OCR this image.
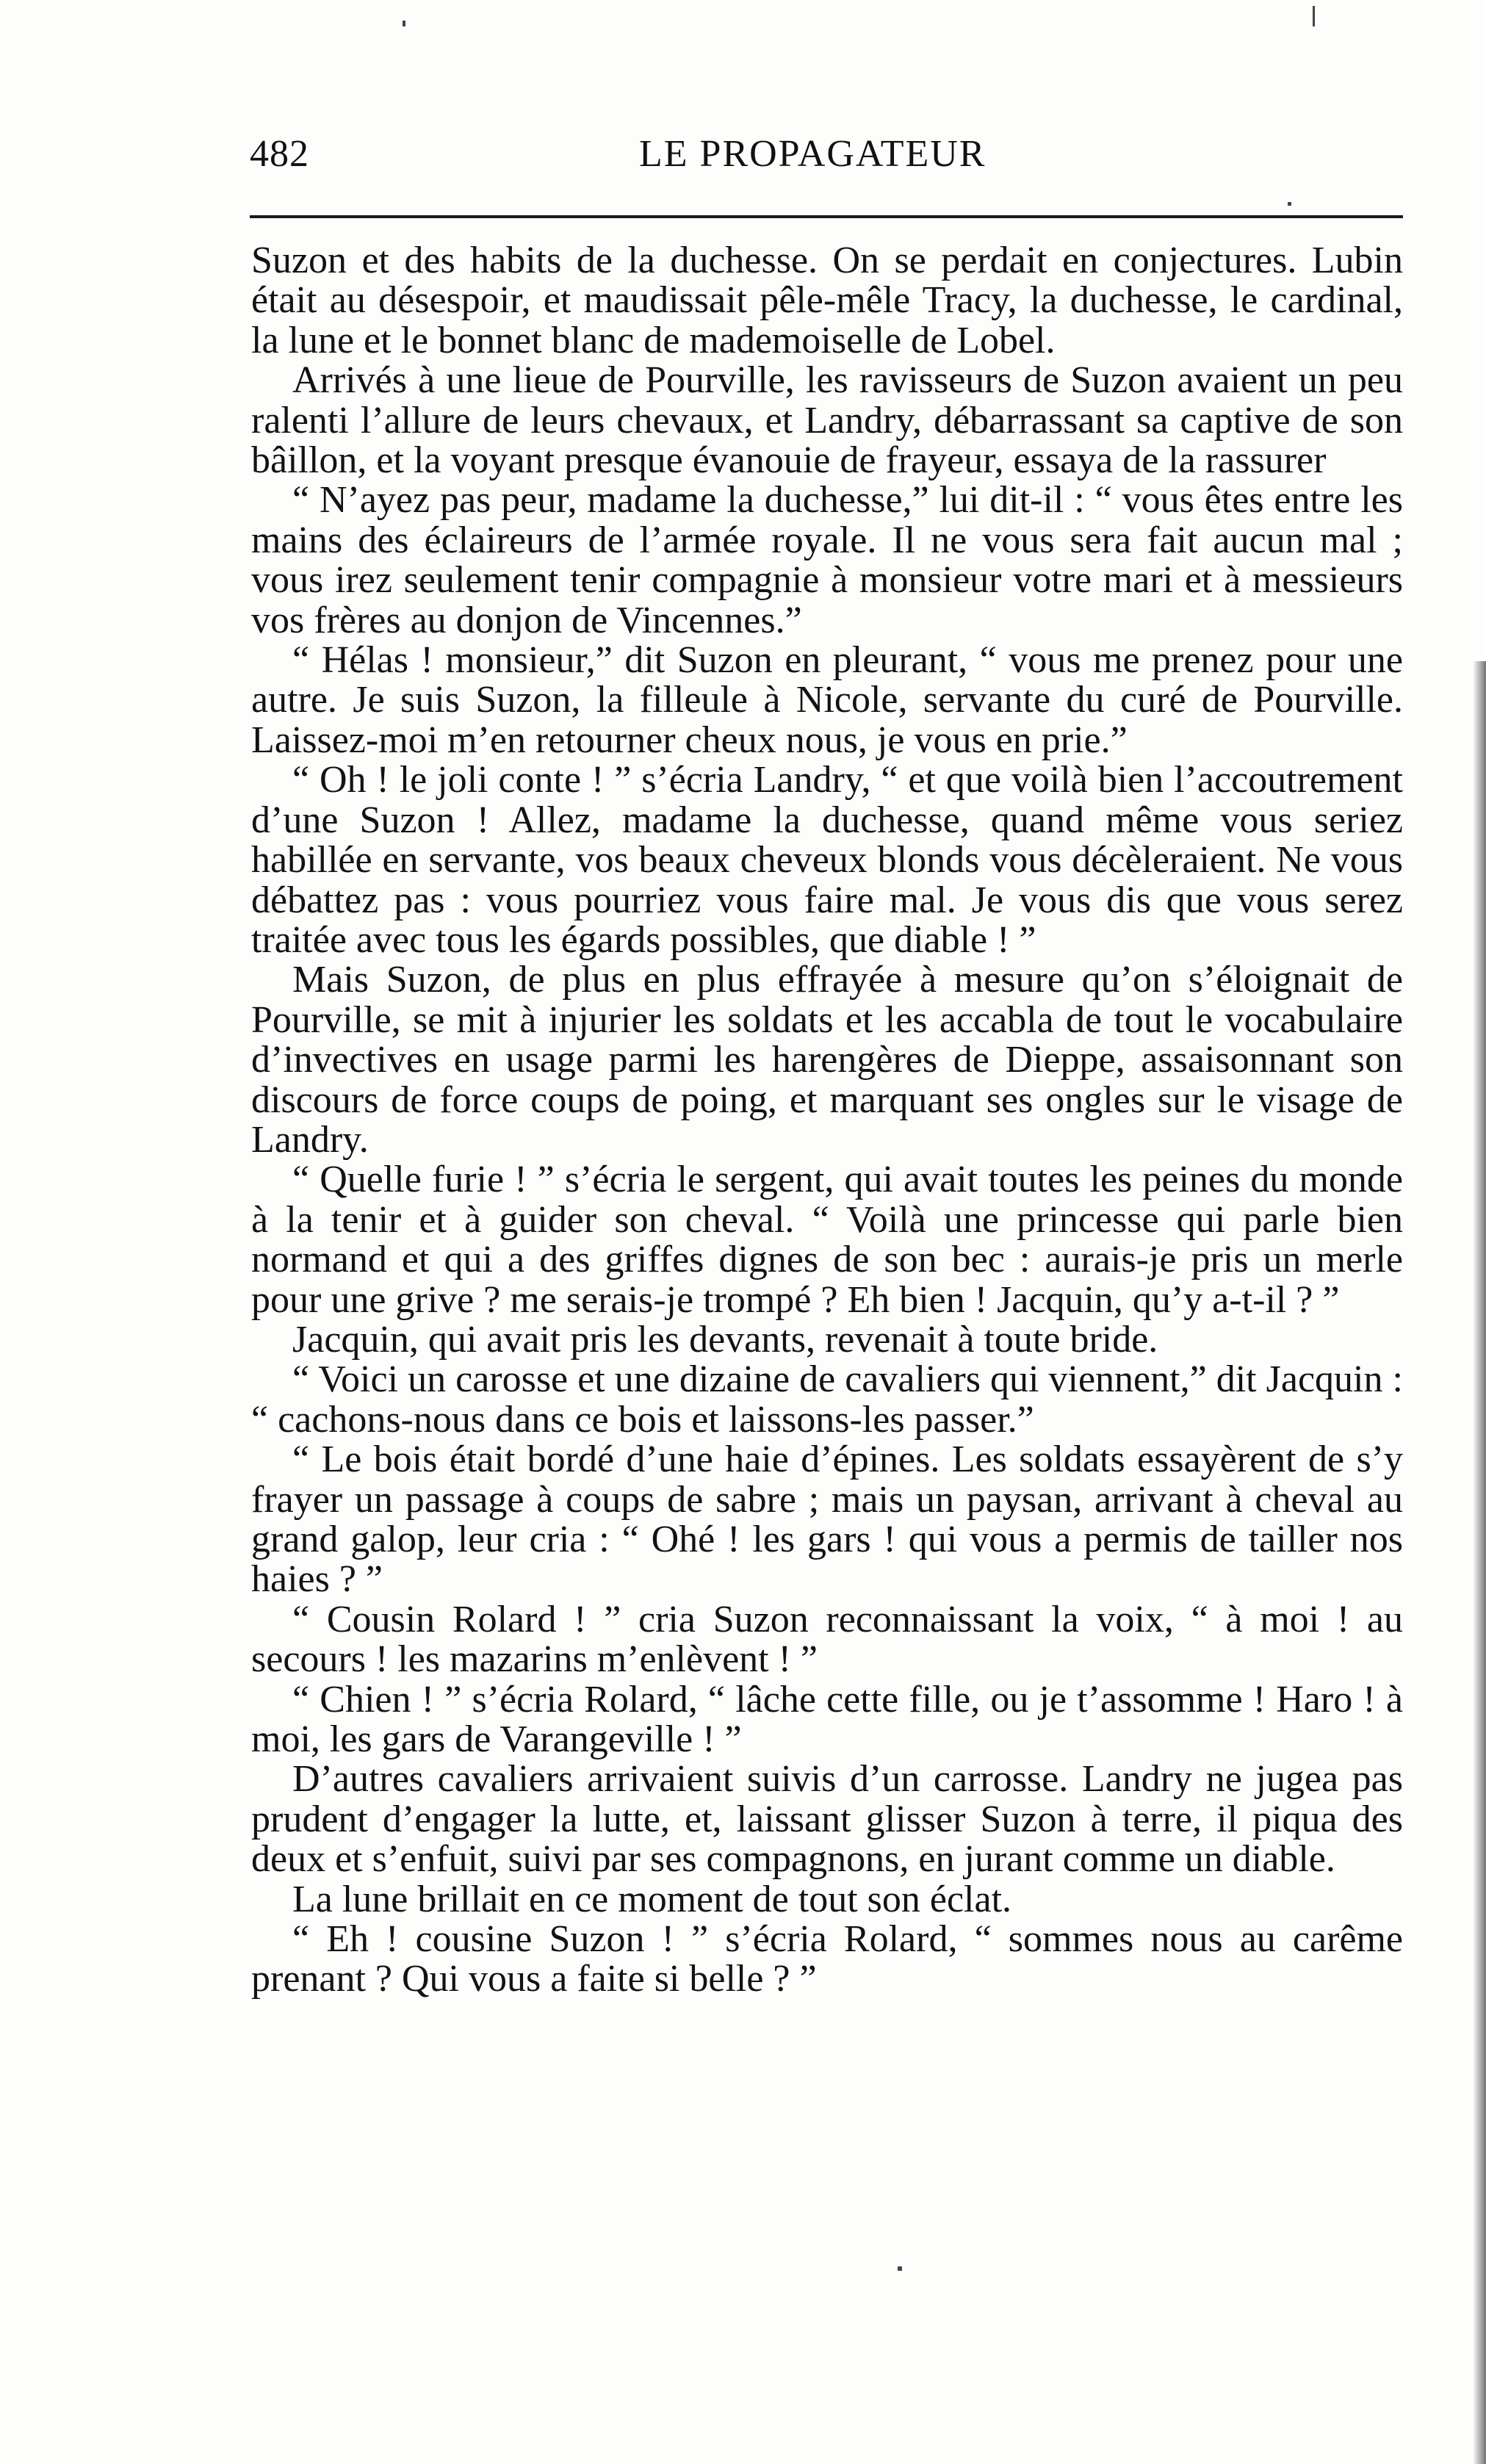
482	LE PROPAGATEUR

Suzon et des habits de la duchesse. On se perdait en conjectures. Lubin était au désespoir, et maudissait pêle-mêle Tracy, la duchesse, le cardinal, la lune et le bonnet blanc de mademoiselle de Lobel.

Arrivés à une lieue de Pourville, les ravisseurs de Suzon avaient un peu ralenti l’allure de leurs chevaux, et Landry, débarrassant sa captive de son bâillon, et la voyant presque évanouie de frayeur, essaya de la rassurer

“ N’ayez pas peur, madame la duchesse,” lui dit-il : “ vous êtes entre les mains des éclaireurs de l’armée royale. Il ne vous sera fait aucun mal ; vous irez seulement tenir compagnie à monsieur votre mari et à messieurs vos frères au donjon de Vincennes.”

“ Hélas ! monsieur,” dit Suzon en pleurant, “ vous me prenez pour une autre. Je suis Suzon, la filleule à Nicole, servante du curé de Pourville. Laissez-moi m’en retourner cheux nous, je vous en prie.”

“ Oh ! le joli conte ! ” s’écria Landry, “ et que voilà bien l’accoutrement d’une Suzon ! Allez, madame la duchesse, quand même vous seriez habillée en servante, vos beaux cheveux blonds vous décèleraient. Ne vous débattez pas : vous pourriez vous faire mal. Je vous dis que vous serez traitée avec tous les égards possibles, que diable ! ”

Mais Suzon, de plus en plus effrayée à mesure qu’on s’éloignait de Pourville, se mit à injurier les soldats et les accabla de tout le vocabulaire d’invectives en usage parmi les harengères de Dieppe, assaisonnant son discours de force coups de poing, et marquant ses ongles sur le visage de Landry.

“ Quelle furie ! ” s’écria le sergent, qui avait toutes les peines du monde à la tenir et à guider son cheval. “ Voilà une princesse qui parle bien normand et qui a des griffes dignes de son bec : aurais-je pris un merle pour une grive ? me serais-je trompé ? Eh bien ! Jacquin, qu’y a-t-il ? ”

Jacquin, qui avait pris les devants, revenait à toute bride.

“ Voici un carosse et une dizaine de cavaliers qui viennent,” dit Jacquin : “ cachons-nous dans ce bois et laissons-les passer.”

“ Le bois était bordé d’une haie d’épines. Les soldats essayèrent de s’y frayer un passage à coups de sabre ; mais un paysan, arrivant à cheval au grand galop, leur cria : “ Ohé ! les gars ! qui vous a permis de tailler nos haies ? ”

“ Cousin Rolard ! ” cria Suzon reconnaissant la voix, “ à moi ! au secours ! les mazarins m’enlèvent ! ”

“ Chien ! ” s’écria Rolard, “ lâche cette fille, ou je t’assomme ! Haro ! à moi, les gars de Varangeville ! ”

D’autres cavaliers arrivaient suivis d’un carrosse. Landry ne jugea pas prudent d’engager la lutte, et, laissant glisser Suzon à terre, il piqua des deux et s’enfuit, suivi par ses compagnons, en jurant comme un diable.

La lune brillait en ce moment de tout son éclat.

“ Eh ! cousine Suzon ! ” s’écria Rolard, “ sommes nous au carême prenant ? Qui vous a faite si belle ? ”
